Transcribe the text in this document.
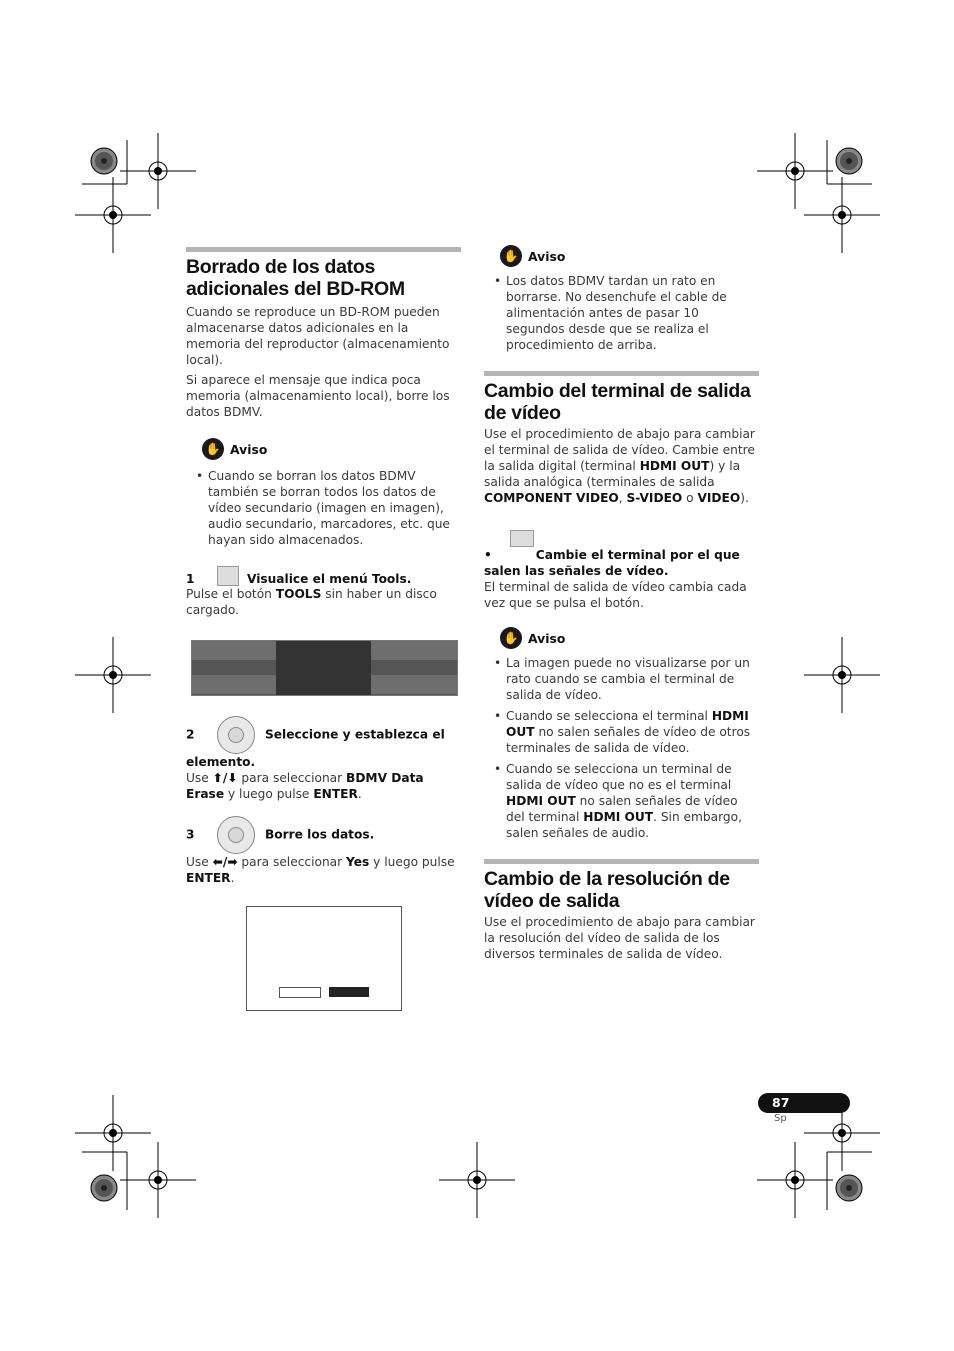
Borrado de los datos adicionales del BD-ROM

Cuando se reproduce un BD-ROM pueden almacenarse datos adicionales en la memoria del reproductor (almacenamiento local).

Si aparece el mensaje que indica poca memoria (almacenamiento local), borre los datos BDMV.

✋ Aviso
• Cuando se borran los datos BDMV también se borran todos los datos de vídeo secundario (imagen en imagen), audio secundario, marcadores, etc. que hayan sido almacenados.
1	Visualice el menú Tools.

Pulse el botón TOOLS sin haber un disco cargado.

2	Seleccione y establezca el elemento.

Use ⬆/⬇ para seleccionar BDMV Data Erase y luego pulse ENTER.

3	Borre los datos.

Use ⬅/➡ para seleccionar Yes y luego pulse ENTER.

✋ Aviso
• Los datos BDMV tardan un rato en borrarse. No desenchufe el cable de alimentación antes de pasar 10 segundos desde que se realiza el procedimiento de arriba.
Cambio del terminal de salida de vídeo

Use el procedimiento de abajo para cambiar el terminal de salida de vídeo. Cambie entre la salida digital (terminal HDMI OUT) y la salida analógica (terminales de salida COMPONENT VIDEO, S-VIDEO o VIDEO).

•	Cambie el terminal por el que salen las señales de vídeo.

El terminal de salida de vídeo cambia cada vez que se pulsa el botón.

✋ Aviso
• La imagen puede no visualizarse por un rato cuando se cambia el terminal de salida de vídeo.
• Cuando se selecciona el terminal HDMI OUT no salen señales de vídeo de otros terminales de salida de vídeo.
• Cuando se selecciona un terminal de salida de vídeo que no es el terminal HDMI OUT no salen señales de vídeo del terminal HDMI OUT. Sin embargo, salen señales de audio.
Cambio de la resolución de vídeo de salida

Use el procedimiento de abajo para cambiar la resolución del vídeo de salida de los diversos terminales de salida de vídeo.

87
Sp
